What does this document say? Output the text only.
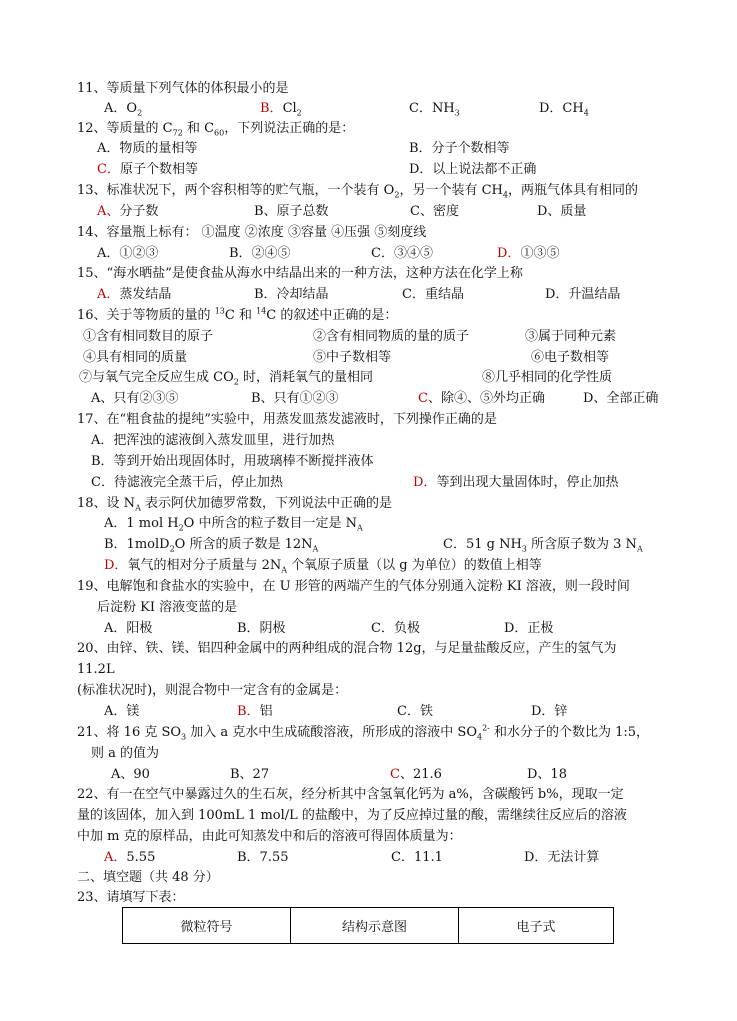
11、等质量下列气体的体积最小的是
A．$O_2$	B．$Cl_2$	C．$NH_3$	D．$CH_4$
12、等质量的 $C_{72}$ 和 $C_{60}$，下列说法正确的是：
A．物质的量相等	B．分子个数相等
C．原子个数相等	D．以上说法都不正确
13、标准状况下，两个容积相等的贮气瓶，一个装有 $O_2$，另一个装有 $CH_4$，两瓶气体具有相同的
A、分子数	B、原子总数	C、密度	D、质量
14、容量瓶上标有： ①温度 ②浓度 ③容量 ④压强 ⑤刻度线
A．①②③	B．②④⑤	C．③④⑤	D．①③⑤
15、“海水晒盐”是使食盐从海水中结晶出来的一种方法，这种方法在化学上称
A．蒸发结晶	B．冷却结晶	C．重结晶	D．升温结晶
16、关于等物质的量的 $^{13}$C 和 $^{14}$C 的叙述中正确的是：
①含有相同数目的原子	②含有相同物质的量的质子	③属于同种元素
④具有相同的质量	⑤中子数相等	⑥电子数相等
⑦与氧气完全反应生成 $CO_2$ 时，消耗氧气的量相同	⑧几乎相同的化学性质
A、只有②③⑤	B、只有①②③	C、除④、⑤外均正确	D、全部正确
17、在“粗食盐的提纯”实验中，用蒸发皿蒸发滤液时，下列操作正确的是
A．把浑浊的滤液倒入蒸发皿里，进行加热
B．等到开始出现固体时，用玻璃棒不断搅拌液体
C．待滤液完全蒸干后，停止加热	D．等到出现大量固体时，停止加热
18、设 $N_A$ 表示阿伏加德罗常数，下列说法中正确的是
A．1 mol $H_2O$ 中所含的粒子数目一定是 $N_A$
B．1molD$_2$O 所含的质子数是 $12N_A$	C．51 g $NH_3$ 所含原子数为 3 $N_A$
D．氧气的相对分子质量与 $2N_A$ 个氧原子质量（以 g 为单位）的数值上相等
19、电解饱和食盐水的实验中，在 U 形管的两端产生的气体分别通入淀粉 KI 溶液，则一段时间
后淀粉 KI 溶液变蓝的是
A．阳极	B．阴极	C．负极	D．正极
20、由锌、铁、镁、铝四种金属中的两种组成的混合物 12g，与足量盐酸反应，产生的氢气为
11.2L
(标准状况时)，则混合物中一定含有的金属是：
A．镁	B．铝	C．铁	D．锌
21、将 16 克 $SO_3$ 加入 a 克水中生成硫酸溶液，所形成的溶液中 $SO_4^{2-}$ 和水分子的个数比为 1:5，
则 a 的值为
A、90	B、27	C、21.6	D、18
22、有一在空气中暴露过久的生石灰，经分析其中含氢氧化钙为 a%，含碳酸钙 b%，现取一定
量的该固体，加入到 100mL 1 mol/L 的盐酸中，为了反应掉过量的酸，需继续往反应后的溶液
中加 m 克的原样品，由此可知蒸发中和后的溶液可得固体质量为：
A．5.55	B．7.55	C．11.1	D．无法计算
二、填空题（共 48 分）
23、请填写下表：
微粒符号	结构示意图	电子式
